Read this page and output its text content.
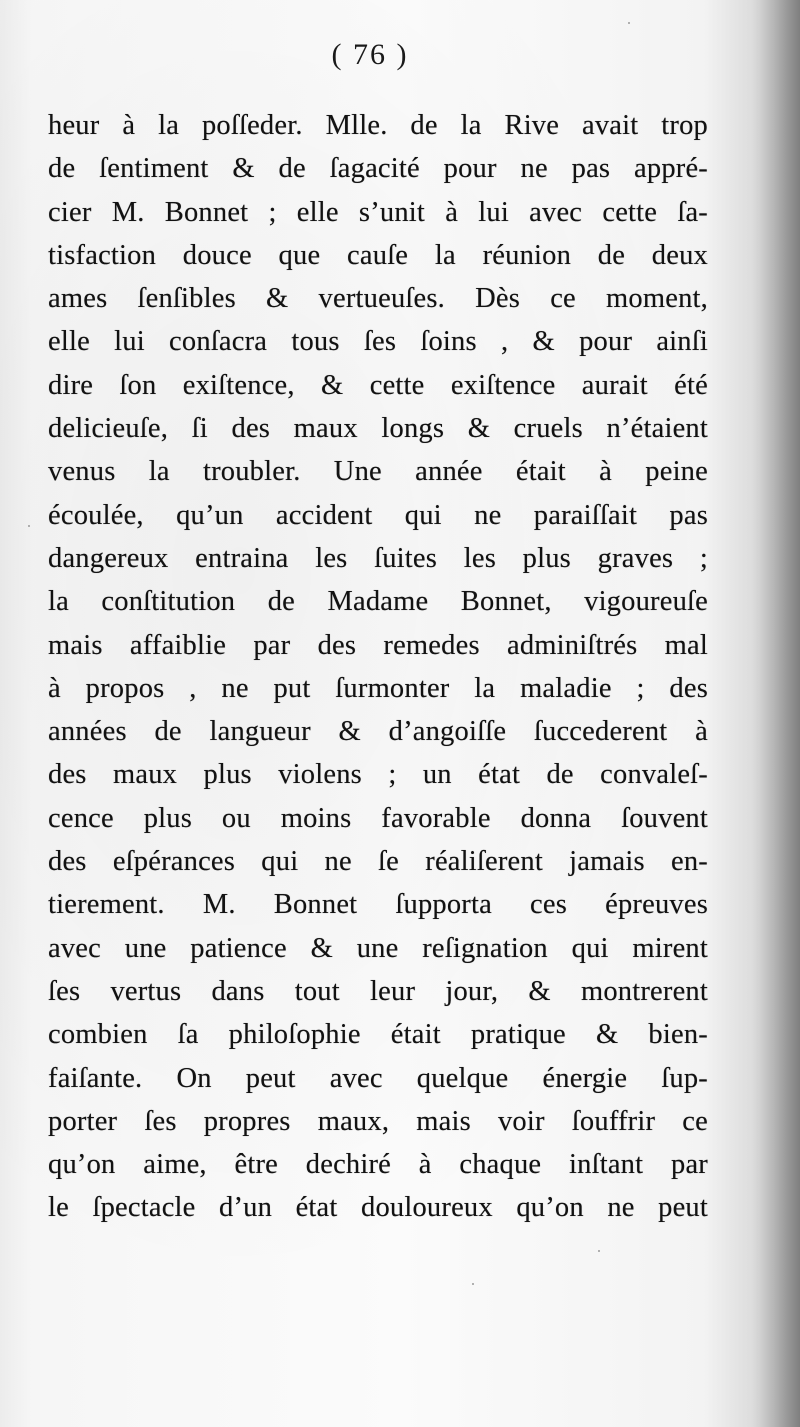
( 76 )
heur à la poſſeder. Mlle. de la Rive avait trop
de ſentiment & de ſagacité pour ne pas appré-
cier M. Bonnet ; elle s’unit à lui avec cette ſa-
tisfaction douce que cauſe la réunion de deux
ames ſenſibles & vertueuſes. Dès ce moment,
elle lui conſacra tous ſes ſoins , & pour ainſi
dire ſon exiſtence, & cette exiſtence aurait été
delicieuſe, ſi des maux longs & cruels n’étaient
venus la troubler. Une année était à peine
écoulée, qu’un accident qui ne paraiſſait pas
dangereux entraina les ſuites les plus graves ;
la conſtitution de Madame Bonnet, vigoureuſe
mais affaiblie par des remedes adminiſtrés mal
à propos , ne put ſurmonter la maladie ; des
années de langueur & d’angoiſſe ſuccederent à
des maux plus violens ; un état de convaleſ-
cence plus ou moins favorable donna ſouvent
des eſpérances qui ne ſe réaliſerent jamais en-
tierement. M. Bonnet ſupporta ces épreuves
avec une patience & une reſignation qui mirent
ſes vertus dans tout leur jour, & montrerent
combien ſa philoſophie était pratique & bien-
faiſante. On peut avec quelque énergie ſup-
porter ſes propres maux, mais voir ſouffrir ce
qu’on aime, être dechiré à chaque inſtant par
le ſpectacle d’un état douloureux qu’on ne peut
